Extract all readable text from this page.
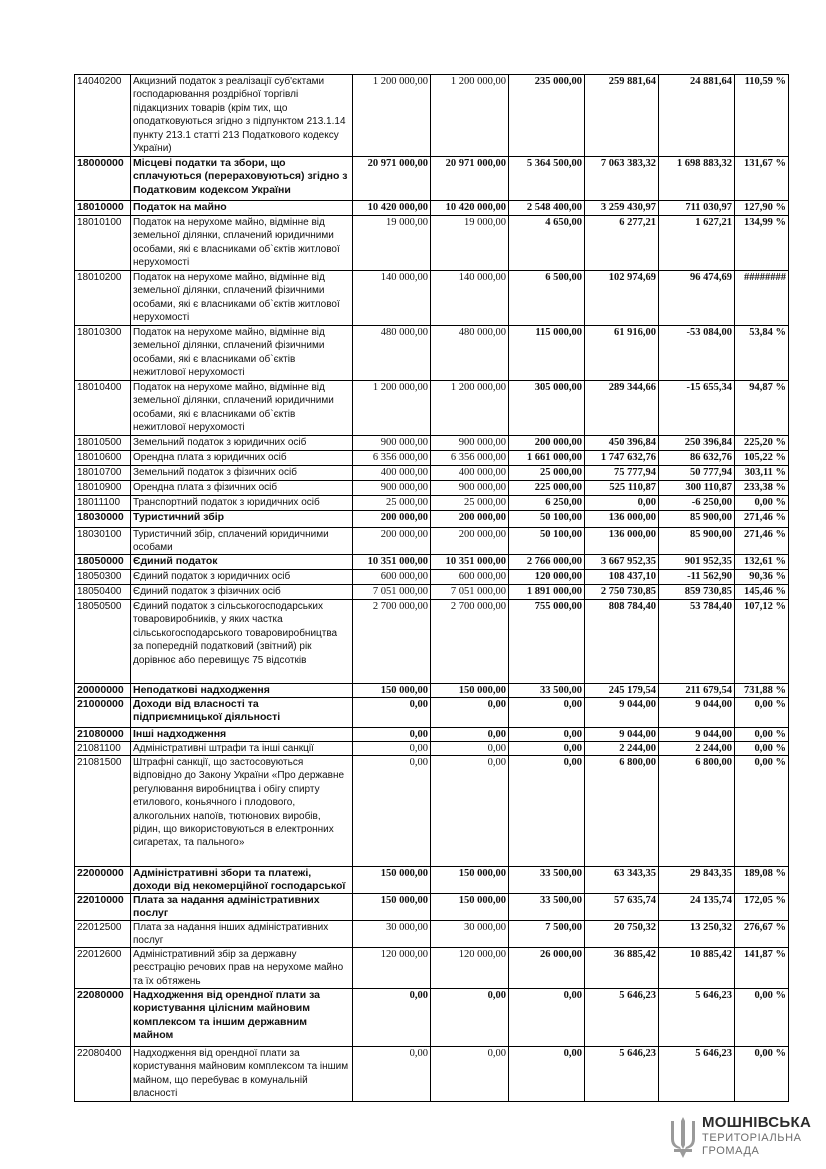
14040200	Акцизний податок з реалізації суб'єктами господарювання роздрібної торгівлі підакцизних товарів (крім тих, що оподатковуються згідно з підпунктом 213.1.14 пункту 213.1 статті 213 Податкового кодексу України)	1 200 000,00	1 200 000,00	235 000,00	259 881,64	24 881,64	110,59 %

18000000	Місцеві податки та збори, що сплачуються (перераховуються) згідно з Податковим кодексом України	20 971 000,00	20 971 000,00	5 364 500,00	7 063 383,32	1 698 883,32	131,67 %

18010000	Податок на майно	10 420 000,00	10 420 000,00	2 548 400,00	3 259 430,97	711 030,97	127,90 %

18010100	Податок на нерухоме майно, відмінне від земельної ділянки, сплачений юридичними особами, які є власниками об`єктів житлової нерухомості	19 000,00	19 000,00	4 650,00	6 277,21	1 627,21	134,99 %

18010200	Податок на нерухоме майно, відмінне від земельної ділянки, сплачений фізичними особами, які є власниками об`єктів житлової нерухомості	140 000,00	140 000,00	6 500,00	102 974,69	96 474,69	########

18010300	Податок на нерухоме майно, відмінне від земельної ділянки, сплачений фізичними особами, які є власниками об`єктів нежитлової нерухомості	480 000,00	480 000,00	115 000,00	61 916,00	-53 084,00	53,84 %

18010400	Податок на нерухоме майно, відмінне від земельної ділянки, сплачений юридичними особами, які є власниками об`єктів нежитлової нерухомості	1 200 000,00	1 200 000,00	305 000,00	289 344,66	-15 655,34	94,87 %

18010500	Земельний податок з юридичних осіб	900 000,00	900 000,00	200 000,00	450 396,84	250 396,84	225,20 %

18010600	Орендна плата з юридичних осіб	6 356 000,00	6 356 000,00	1 661 000,00	1 747 632,76	86 632,76	105,22 %

18010700	Земельний податок з фізичних осіб	400 000,00	400 000,00	25 000,00	75 777,94	50 777,94	303,11 %

18010900	Орендна плата з фізичних осіб	900 000,00	900 000,00	225 000,00	525 110,87	300 110,87	233,38 %

18011100	Транспортний податок з юридичних осіб	25 000,00	25 000,00	6 250,00	0,00	-6 250,00	0,00 %

18030000	Туристичний збір	200 000,00	200 000,00	50 100,00	136 000,00	85 900,00	271,46 %

18030100	Туристичний збір, сплачений юридичними особами	200 000,00	200 000,00	50 100,00	136 000,00	85 900,00	271,46 %

18050000	Єдиний податок	10 351 000,00	10 351 000,00	2 766 000,00	3 667 952,35	901 952,35	132,61 %

18050300	Єдиний податок з юридичних осіб	600 000,00	600 000,00	120 000,00	108 437,10	-11 562,90	90,36 %

18050400	Єдиний податок з фізичних осіб	7 051 000,00	7 051 000,00	1 891 000,00	2 750 730,85	859 730,85	145,46 %

18050500	Єдиний податок з сільськогосподарських товаровиробників, у яких частка сільськогосподарського товаровиробництва за попередній податковий (звітний) рік дорівнює або перевищує 75 відсотків	2 700 000,00	2 700 000,00	755 000,00	808 784,40	53 784,40	107,12 %

20000000	Неподаткові надходження	150 000,00	150 000,00	33 500,00	245 179,54	211 679,54	731,88 %

21000000	Доходи від власності та підприємницької діяльності	0,00	0,00	0,00	9 044,00	9 044,00	0,00 %

21080000	Інші надходження	0,00	0,00	0,00	9 044,00	9 044,00	0,00 %

21081100	Адміністративні штрафи та інші санкції	0,00	0,00	0,00	2 244,00	2 244,00	0,00 %

21081500	Штрафні санкції, що застосовуються відповідно до Закону України «Про державне регулювання виробництва і обігу спирту етилового, коньячного і плодового, алкогольних напоїв, тютюнових виробів, рідин, що використовуються в електронних сигаретах, та пального»	0,00	0,00	0,00	6 800,00	6 800,00	0,00 %

22000000	Адміністративні збори та платежі, доходи від некомерційної господарської	150 000,00	150 000,00	33 500,00	63 343,35	29 843,35	189,08 %

22010000	Плата за надання адміністративних послуг	150 000,00	150 000,00	33 500,00	57 635,74	24 135,74	172,05 %

22012500	Плата за надання інших адміністративних послуг	30 000,00	30 000,00	7 500,00	20 750,32	13 250,32	276,67 %

22012600	Адміністративний збір за державну реєстрацію речових прав на нерухоме майно та їх обтяжень	120 000,00	120 000,00	26 000,00	36 885,42	10 885,42	141,87 %

22080000	Надходження від орендної плати за користування цілісним майновим комплексом та іншим державним майном	0,00	0,00	0,00	5 646,23	5 646,23	0,00 %

22080400	Надходження від орендної плати за користування майновим комплексом та іншим майном, що перебуває в комунальній власності	0,00	0,00	0,00	5 646,23	5 646,23	0,00 %
МОШНІВСЬКА
ТЕРИТОРІАЛЬНА
ГРОМАДА
